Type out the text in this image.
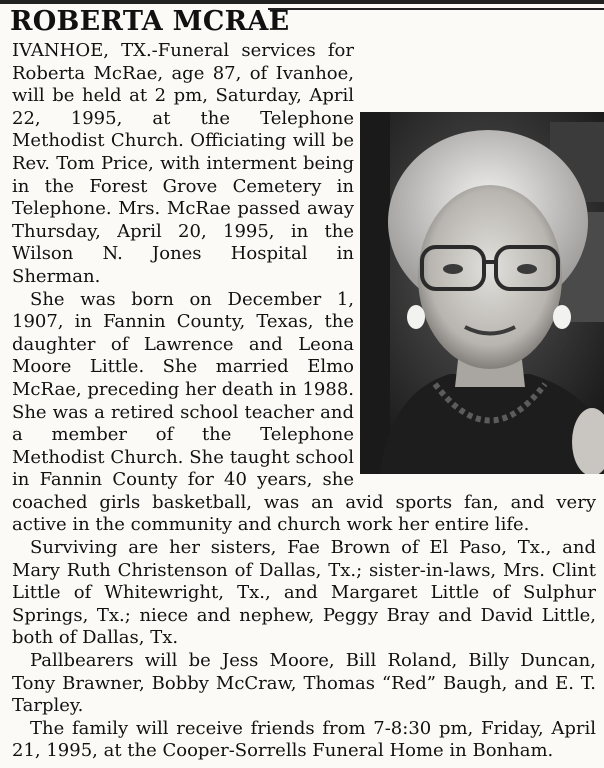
ROBERTA MCRAE

IVANHOE, TX.-Funeral services for Roberta McRae, age 87, of Ivanhoe, will be held at 2 pm, Saturday, April 22, 1995, at the Telephone Methodist Church. Officiating will be Rev. Tom Price, with interment being in the Forest Grove Cemetery in Telephone. Mrs. McRae passed away Thursday, April 20, 1995, in the Wilson N. Jones Hospital in Sherman.

She was born on December 1, 1907, in Fannin County, Texas, the daughter of Lawrence and Leona Moore Little. She married Elmo McRae, preceding her death in 1988. She was a retired school teacher and a member of the Telephone Methodist Church. She taught school in Fannin County for 40 years, she coached girls basketball, was an avid sports fan, and very active in the community and church work her entire life.

Surviving are her sisters, Fae Brown of El Paso, Tx., and Mary Ruth Christenson of Dallas, Tx.; sister-in-laws, Mrs. Clint Little of Whitewright, Tx., and Margaret Little of Sulphur Springs, Tx.; niece and nephew, Peggy Bray and David Little, both of Dallas, Tx.

Pallbearers will be Jess Moore, Bill Roland, Billy Duncan, Tony Brawner, Bobby McCraw, Thomas “Red” Baugh, and E. T. Tarpley.

The family will receive friends from 7-8:30 pm, Friday, April 21, 1995, at the Cooper-Sorrells Funeral Home in Bonham.
